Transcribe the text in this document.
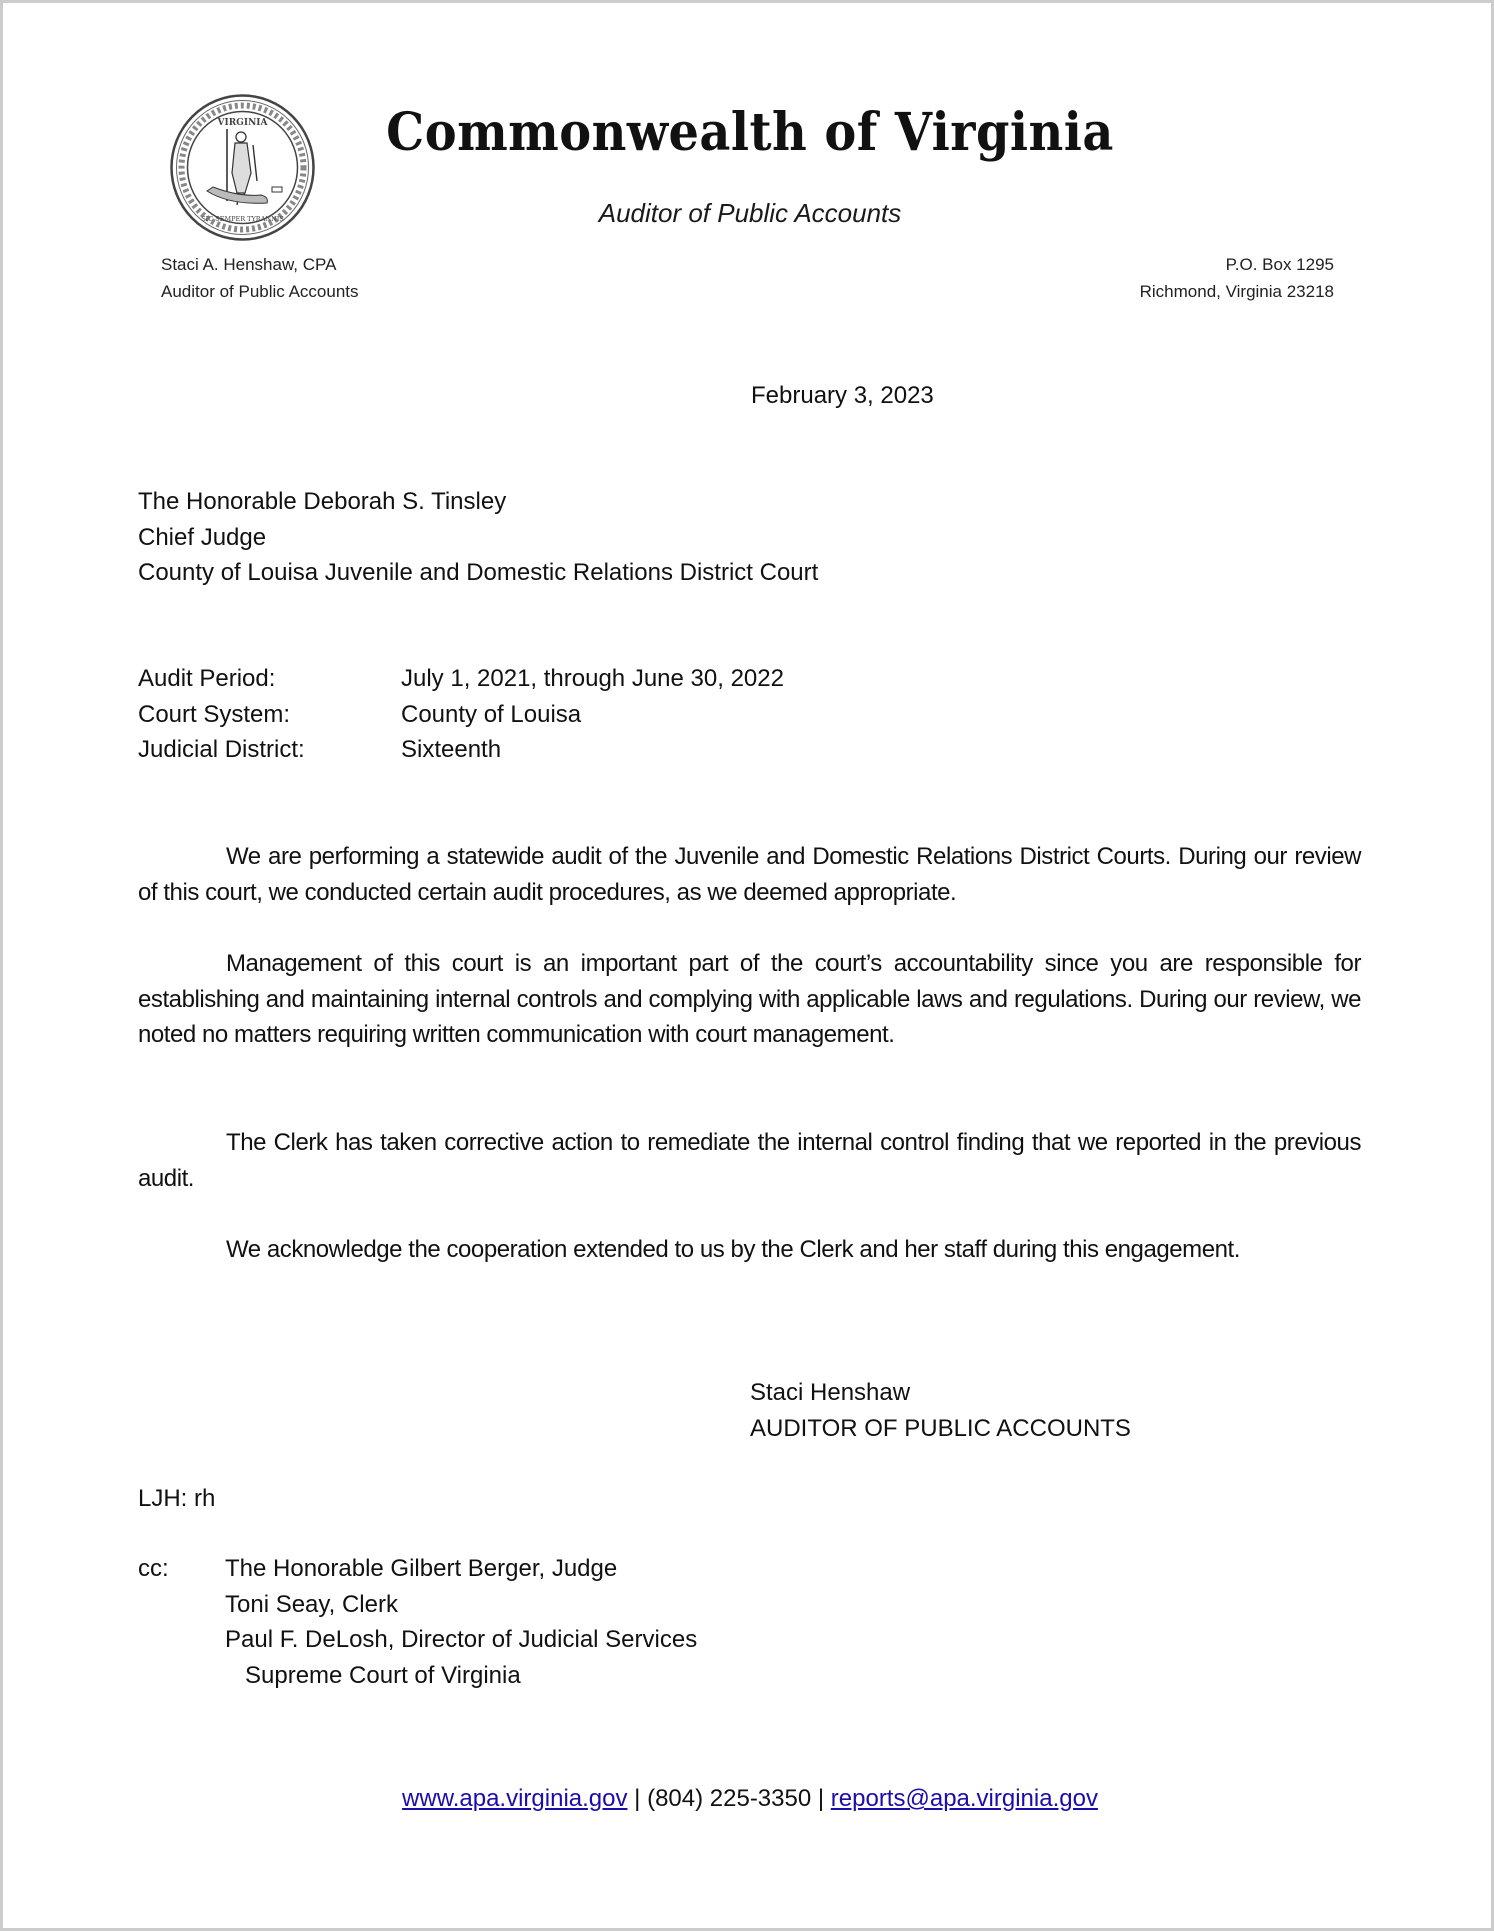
VIRGINIA
SIC SEMPER TYRANNIS
Commonwealth of Virginia
Auditor of Public Accounts
Staci A. Henshaw, CPA
Auditor of Public Accounts
P.O. Box 1295
Richmond, Virginia 23218
February 3, 2023
The Honorable Deborah S. Tinsley
Chief Judge
County of Louisa Juvenile and Domestic Relations District Court
Audit Period:	July 1, 2021, through June 30, 2022
Court System:	County of Louisa
Judicial District:	Sixteenth

We are performing a statewide audit of the Juvenile and Domestic Relations District Courts. During our review of this court, we conducted certain audit procedures, as we deemed appropriate.

Management of this court is an important part of the court’s accountability since you are responsible for establishing and maintaining internal controls and complying with applicable laws and regulations. During our review, we noted no matters requiring written communication with court management.

The Clerk has taken corrective action to remediate the internal control finding that we reported in the previous audit.

We acknowledge the cooperation extended to us by the Clerk and her staff during this engagement.

Staci Henshaw
AUDITOR OF PUBLIC ACCOUNTS
LJH: rh
cc: The Honorable Gilbert Berger, Judge
Toni Seay, Clerk
Paul F. DeLosh, Director of Judicial Services
Supreme Court of Virginia
www.apa.virginia.gov | (804) 225-3350 | reports@apa.virginia.gov
